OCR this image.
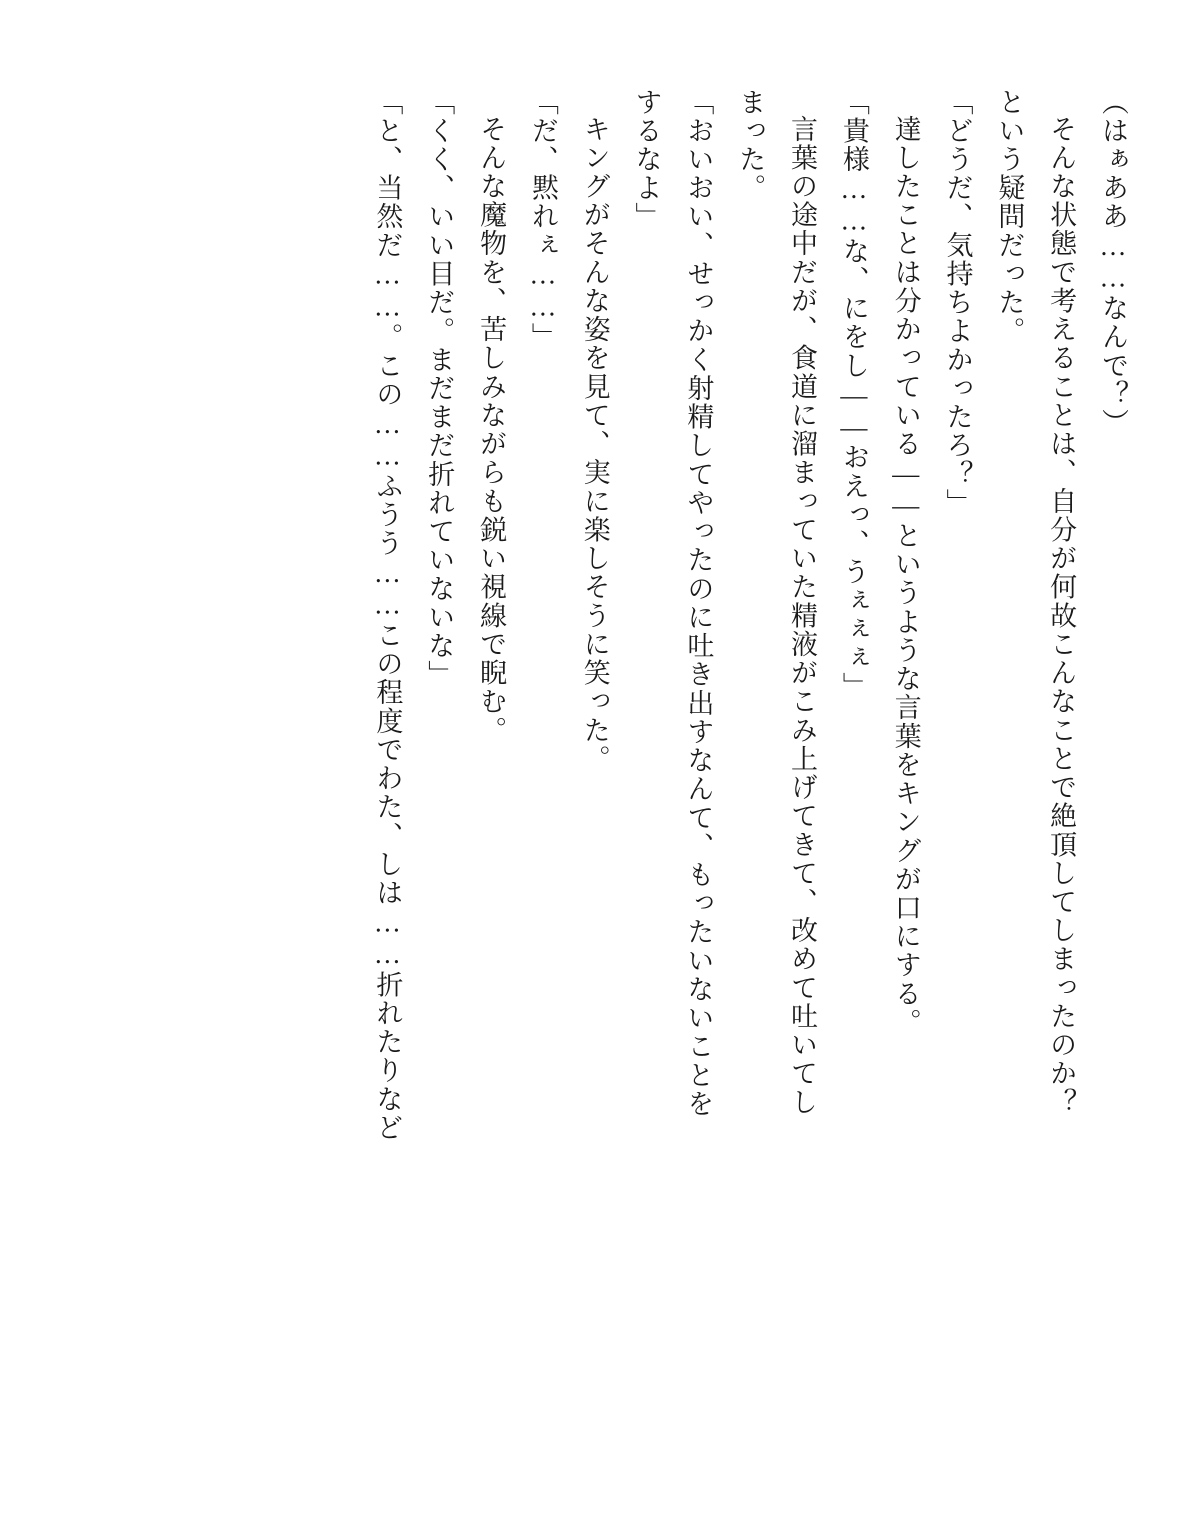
（はぁああ……なんで？）

そんな状態で考えることは、自分が何故こんなことで絶頂してしまったのか？

という疑問だった。

「どうだ、気持ちよかったろ？」

達したことは分かっている――というような言葉をキングが口にする。

「貴様……な、にをし――おえっ、うぇぇぇ」

言葉の途中だが、食道に溜まっていた精液がこみ上げてきて、改めて吐いてし

まった。

「おいおい、せっかく射精してやったのに吐き出すなんて、もったいないことを

するなよ」

キングがそんな姿を見て、実に楽しそうに笑った。

「だ、黙れぇ……」

そんな魔物を、苦しみながらも鋭い視線で睨む。

「くく、いい目だ。まだまだ折れていないな」

「と、当然だ……。この……ふうう……この程度でわた、しは……折れたりなど
